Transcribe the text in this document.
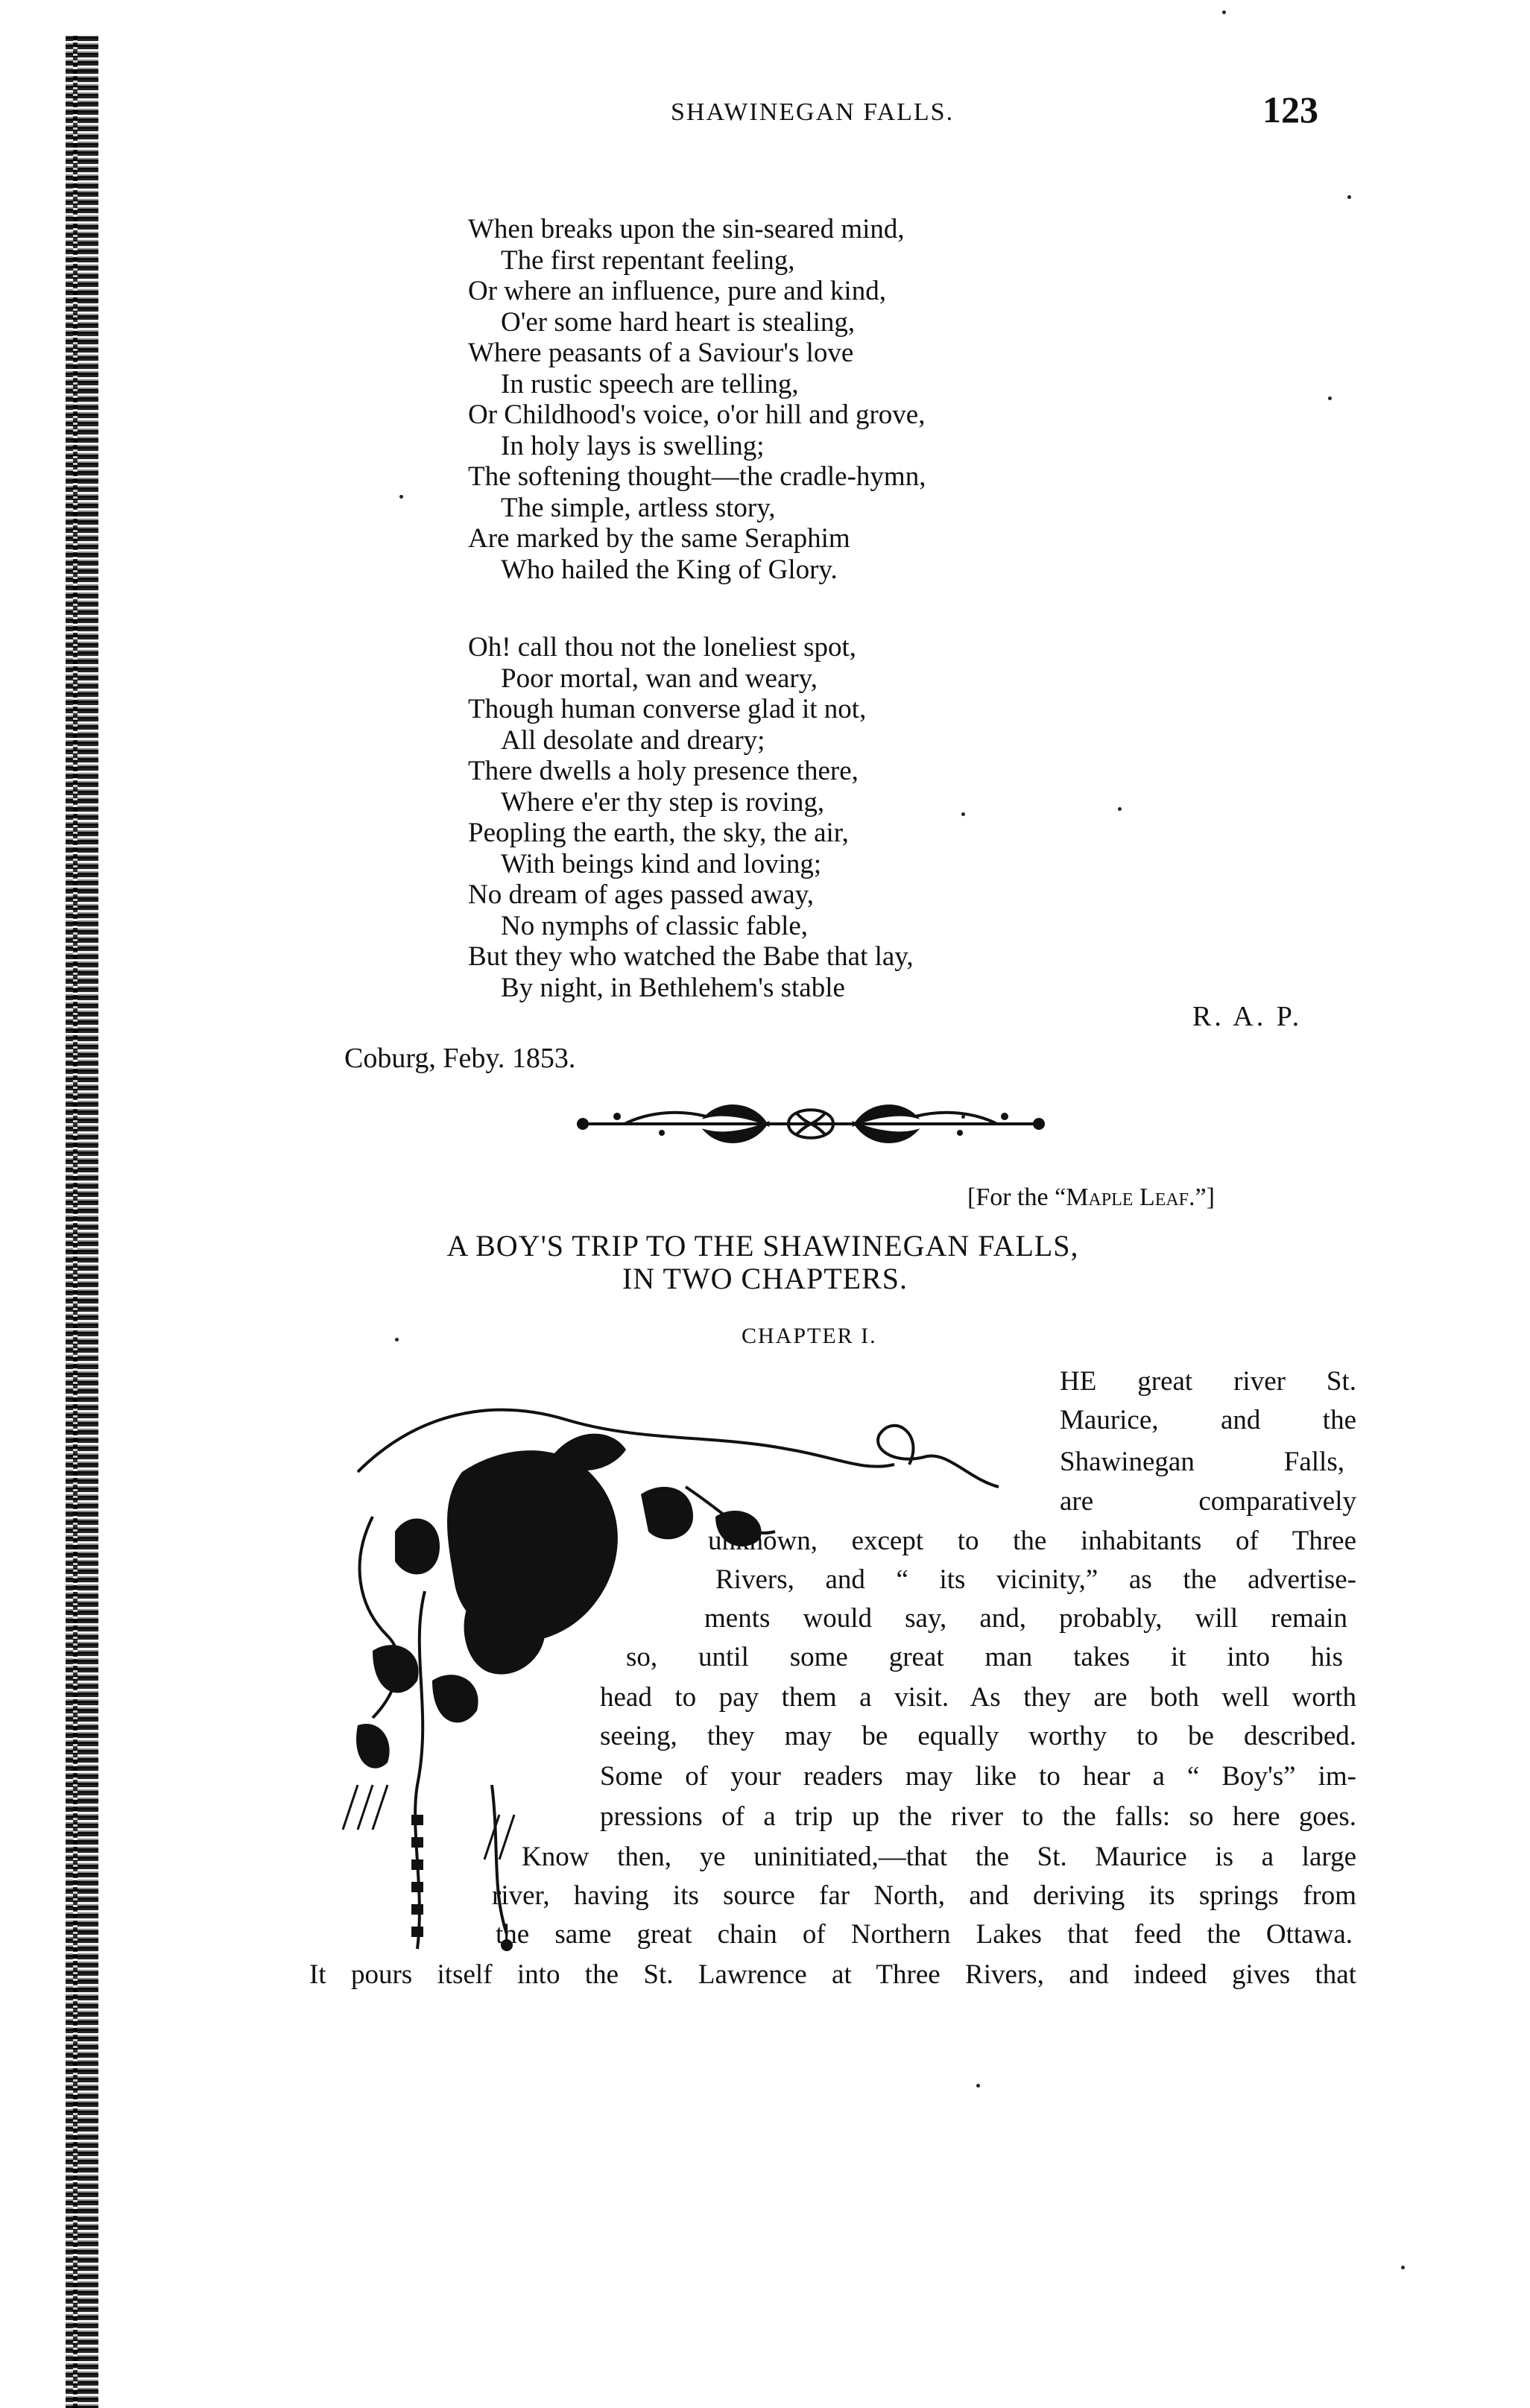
SHAWINEGAN FALLS.	123
When breaks upon the sin-seared mind,
The first repentant feeling,
Or where an influence, pure and kind,
O'er some hard heart is stealing,
Where peasants of a Saviour's love
In rustic speech are telling,
Or Childhood's voice, o'or hill and grove,
In holy lays is swelling;
The softening thought—the cradle-hymn,
The simple, artless story,
Are marked by the same Seraphim
Who hailed the King of Glory.
Oh! call thou not the loneliest spot,
Poor mortal, wan and weary,
Though human converse glad it not,
All desolate and dreary;
There dwells a holy presence there,
Where e'er thy step is roving,
Peopling the earth, the sky, the air,
With beings kind and loving;
No dream of ages passed away,
No nymphs of classic fable,
But they who watched the Babe that lay,
By night, in Bethlehem's stable
R. A. P.
Coburg, Feby. 1853.
[For the “Maple Leaf.”]
A BOY'S TRIP TO THE SHAWINEGAN FALLS,
IN TWO CHAPTERS.
CHAPTER I.
HE great river St.
Maurice, and the
Shawinegan Falls,
are comparatively
unknown, except to the inhabitants of Three
Rivers, and “ its vicinity,” as the advertise-
ments would say, and, probably, will remain
so, until some great man takes it into his
head to pay them a visit. As they are both well worth
seeing, they may be equally worthy to be described.
Some of your readers may like to hear a “ Boy's” im-
pressions of a trip up the river to the falls: so here goes.
Know then, ye uninitiated,—that the St. Maurice is a large
river, having its source far North, and deriving its springs from
the same great chain of Northern Lakes that feed the Ottawa.
It pours itself into the St. Lawrence at Three Rivers, and indeed gives that
